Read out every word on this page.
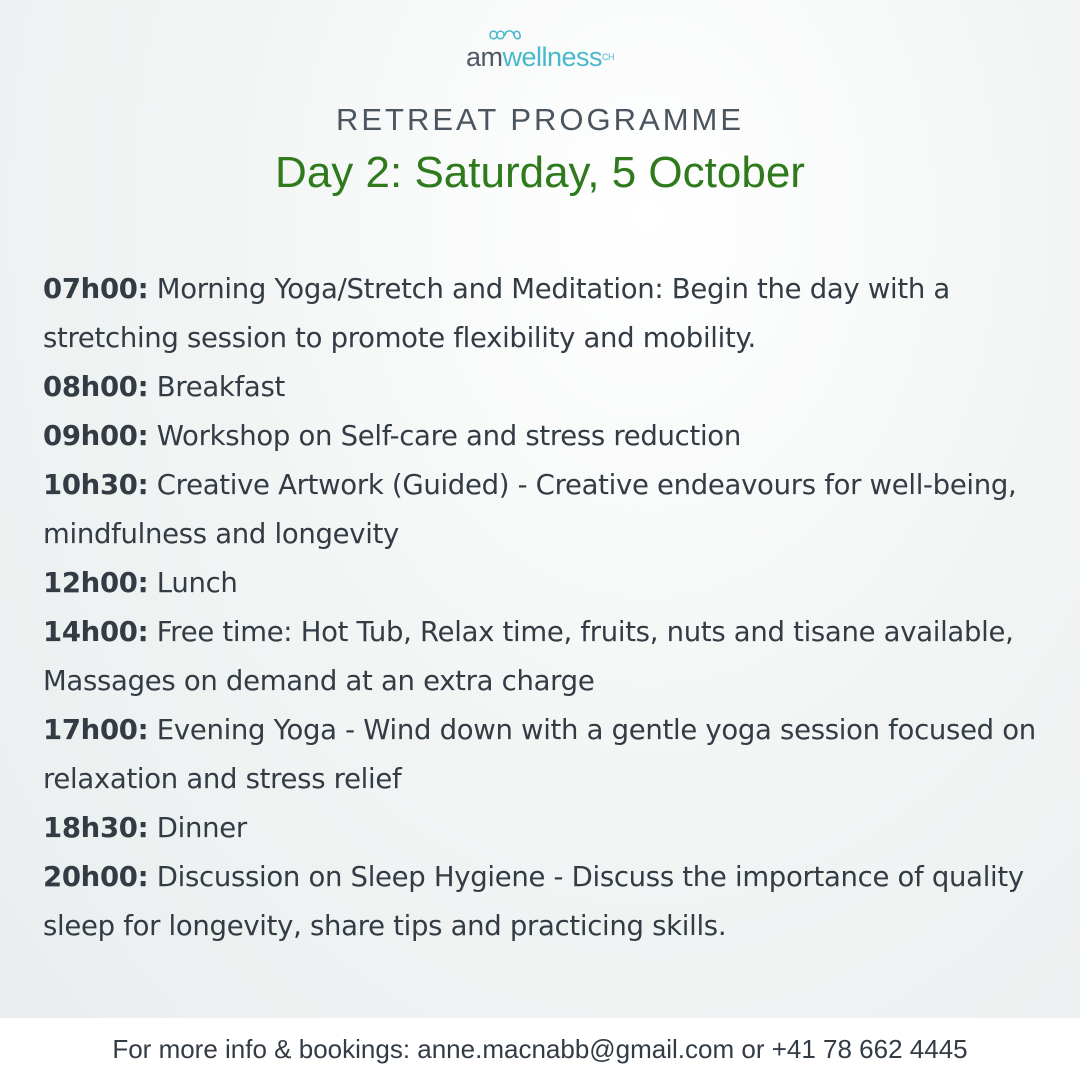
amwellnessCH
RETREAT PROGRAMME
Day 2: Saturday, 5 October

07h00: Morning Yoga/Stretch and Meditation: Begin the day with a stretching session to promote flexibility and mobility.

08h00: Breakfast

09h00: Workshop on Self-care and stress reduction

10h30: Creative Artwork (Guided) - Creative endeavours for well-being, mindfulness and longevity

12h00: Lunch

14h00: Free time: Hot Tub, Relax time, fruits, nuts and tisane available, Massages on demand at an extra charge

17h00: Evening Yoga - Wind down with a gentle yoga session focused on relaxation and stress relief

18h30: Dinner

20h00: Discussion on Sleep Hygiene - Discuss the importance of quality sleep for longevity, share tips and practicing skills.

For more info & bookings: anne.macnabb@gmail.com or +41 78 662 4445
